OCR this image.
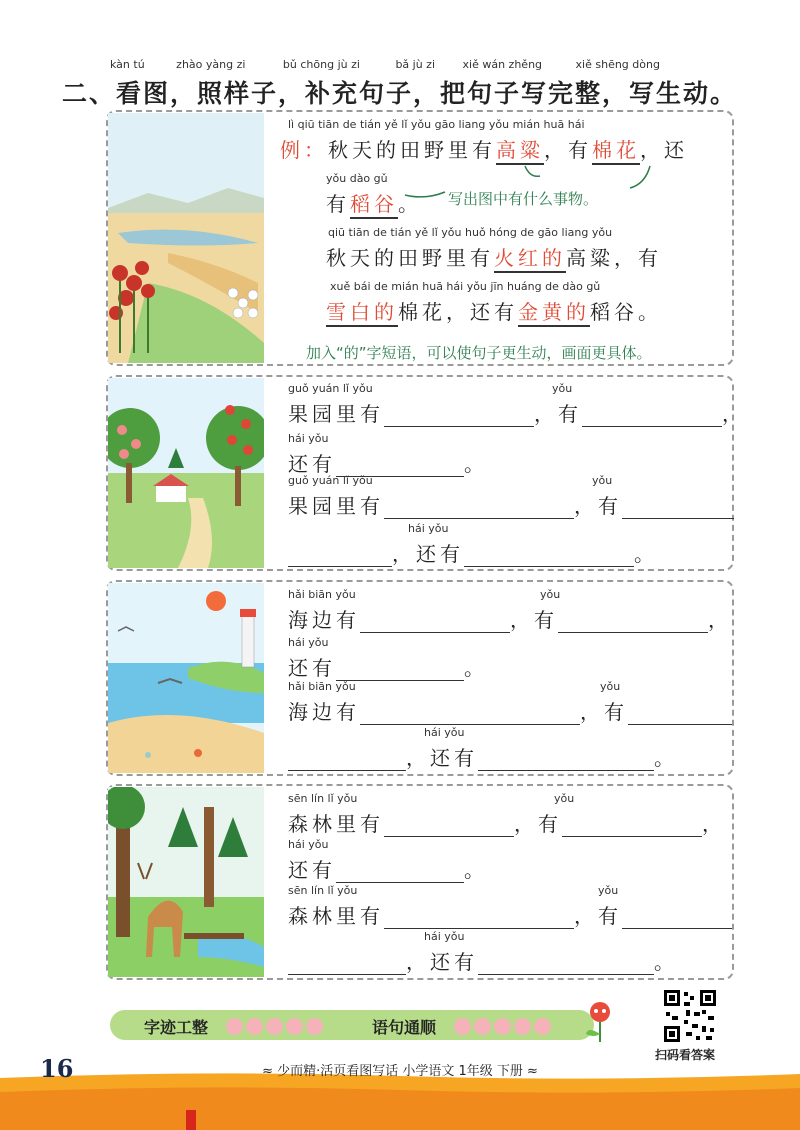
kàn tú	zhào yàng zi	bǔ chōng jù zi	bǎ jù zi	xiě wán zhěng	xiě shēng dòng
二、看图，照样子，补充句子，把句子写完整，写生动。
lì qiū tiān de tián yě lǐ yǒu gāo liang yǒu mián huā hái
例：秋天的田野里有高粱，有棉花，还
yǒu dào gǔ
有稻谷。 写出图中有什么事物。
qiū tiān de tián yě lǐ yǒu huǒ hóng de gāo liang yǒu
秋天的田野里有火红的高粱，有
xuě bái de mián huā hái yǒu jīn huáng de dào gǔ
雪白的棉花，还有金黄的稻谷。
加入“的”字短语，可以使句子更生动，画面更具体。
guǒ yuán lǐ yǒu	yǒu
果园里有	，有	，
hái yǒu
还有	。
guǒ yuán lǐ yǒu	yǒu
果园里有	，有
hái yǒu
，还有	。
hǎi biān yǒu	yǒu
海边有	，有	，
hái yǒu
还有	。
hǎi biān yǒu	yǒu
海边有	，有
hái yǒu
，还有	。
sēn lín lǐ yǒu	yǒu
森林里有	，有	，
hái yǒu
还有	。
sēn lín lǐ yǒu	yǒu
森林里有	，有
hái yǒu
，还有	。
字迹工整	语句通顺
扫码看答案
16	≈ 少而精·活页看图写话 小学语文 1年级 下册 ≈
